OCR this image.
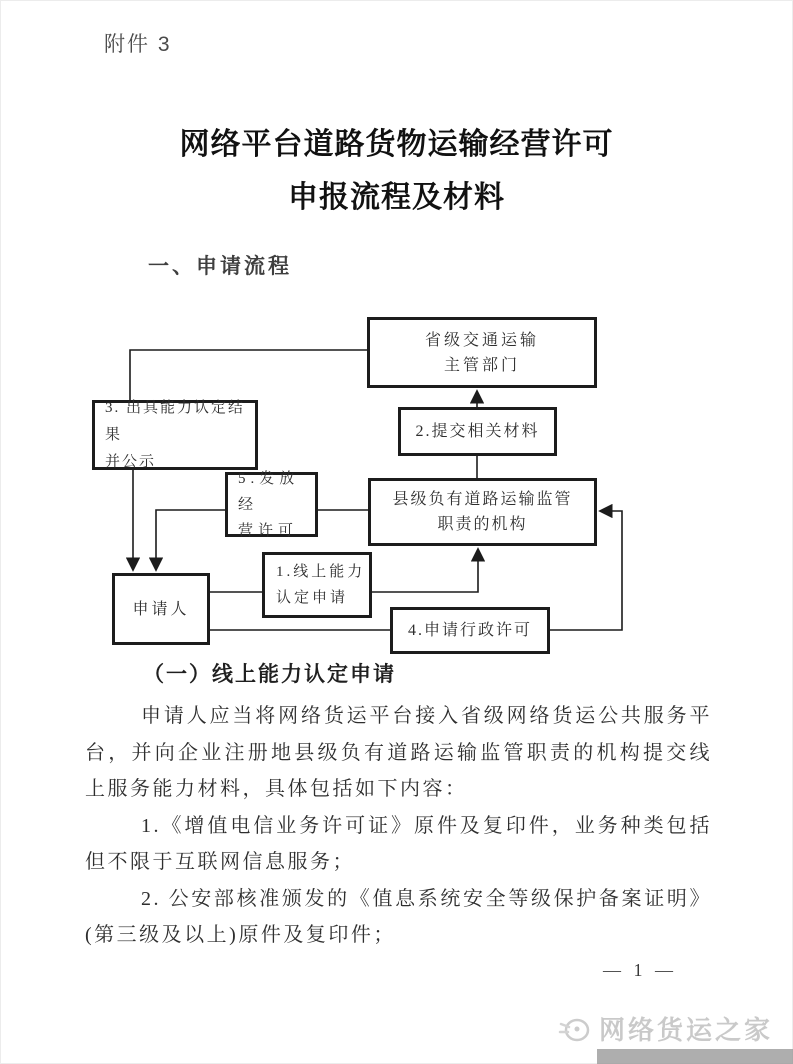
附件 3
网络平台道路货物运输经营许可
申报流程及材料
一、申请流程
省级交通运输
主管部门
2.提交相关材料
3. 出具能力认定结果
并公示
5.发放经
营许可
县级负有道路运输监管
职责的机构
1.线上能力
认定申请
申请人
4.申请行政许可
（一）线上能力认定申请

申请人应当将网络货运平台接入省级网络货运公共服务平台，并向企业注册地县级负有道路运输监管职责的机构提交线上服务能力材料，具体包括如下内容：

1.《增值电信业务许可证》原件及复印件，业务种类包括但不限于互联网信息服务；

2. 公安部核准颁发的《值息系统安全等级保护备案证明》(第三级及以上)原件及复印件；

— 1 —
网络货运之家
